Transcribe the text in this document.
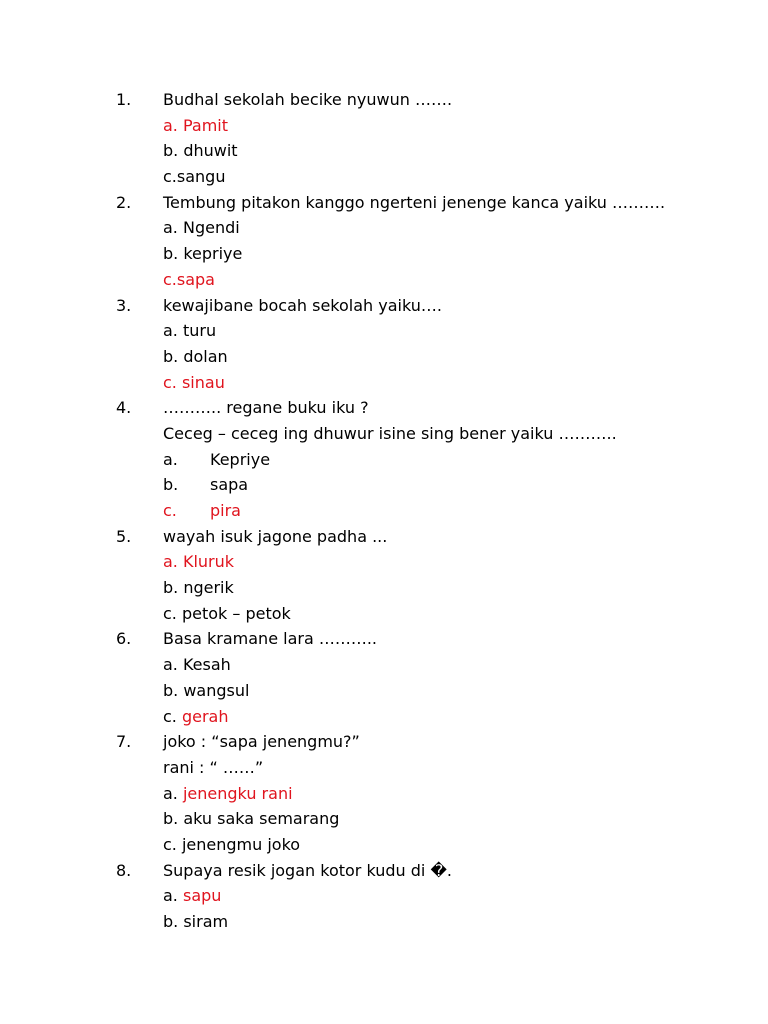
1. Budhal sekolah becike nyuwun …….
a. Pamit
b. dhuwit
c.sangu
2. Tembung pitakon kanggo ngerteni jenenge kanca yaiku ……….
a. Ngendi
b. kepriye
c.sapa
3. kewajibane bocah sekolah yaiku….
a. turu
b. dolan
c. sinau
4. ……….. regane buku iku ?
Ceceg – ceceg ing dhuwur isine sing bener yaiku ………..
a. Kepriye
b. sapa
c. pira
5. wayah isuk jagone padha ...
a. Kluruk
b. ngerik
c. petok – petok
6. Basa kramane lara ………..
a. Kesah
b. wangsul
c. gerah
7. joko : “sapa jenengmu?”
rani : “ ……”
a. jenengku rani
b. aku saka semarang
c. jenengmu joko
8. Supaya resik jogan kotor kudu di �.
a. sapu
b. siram
